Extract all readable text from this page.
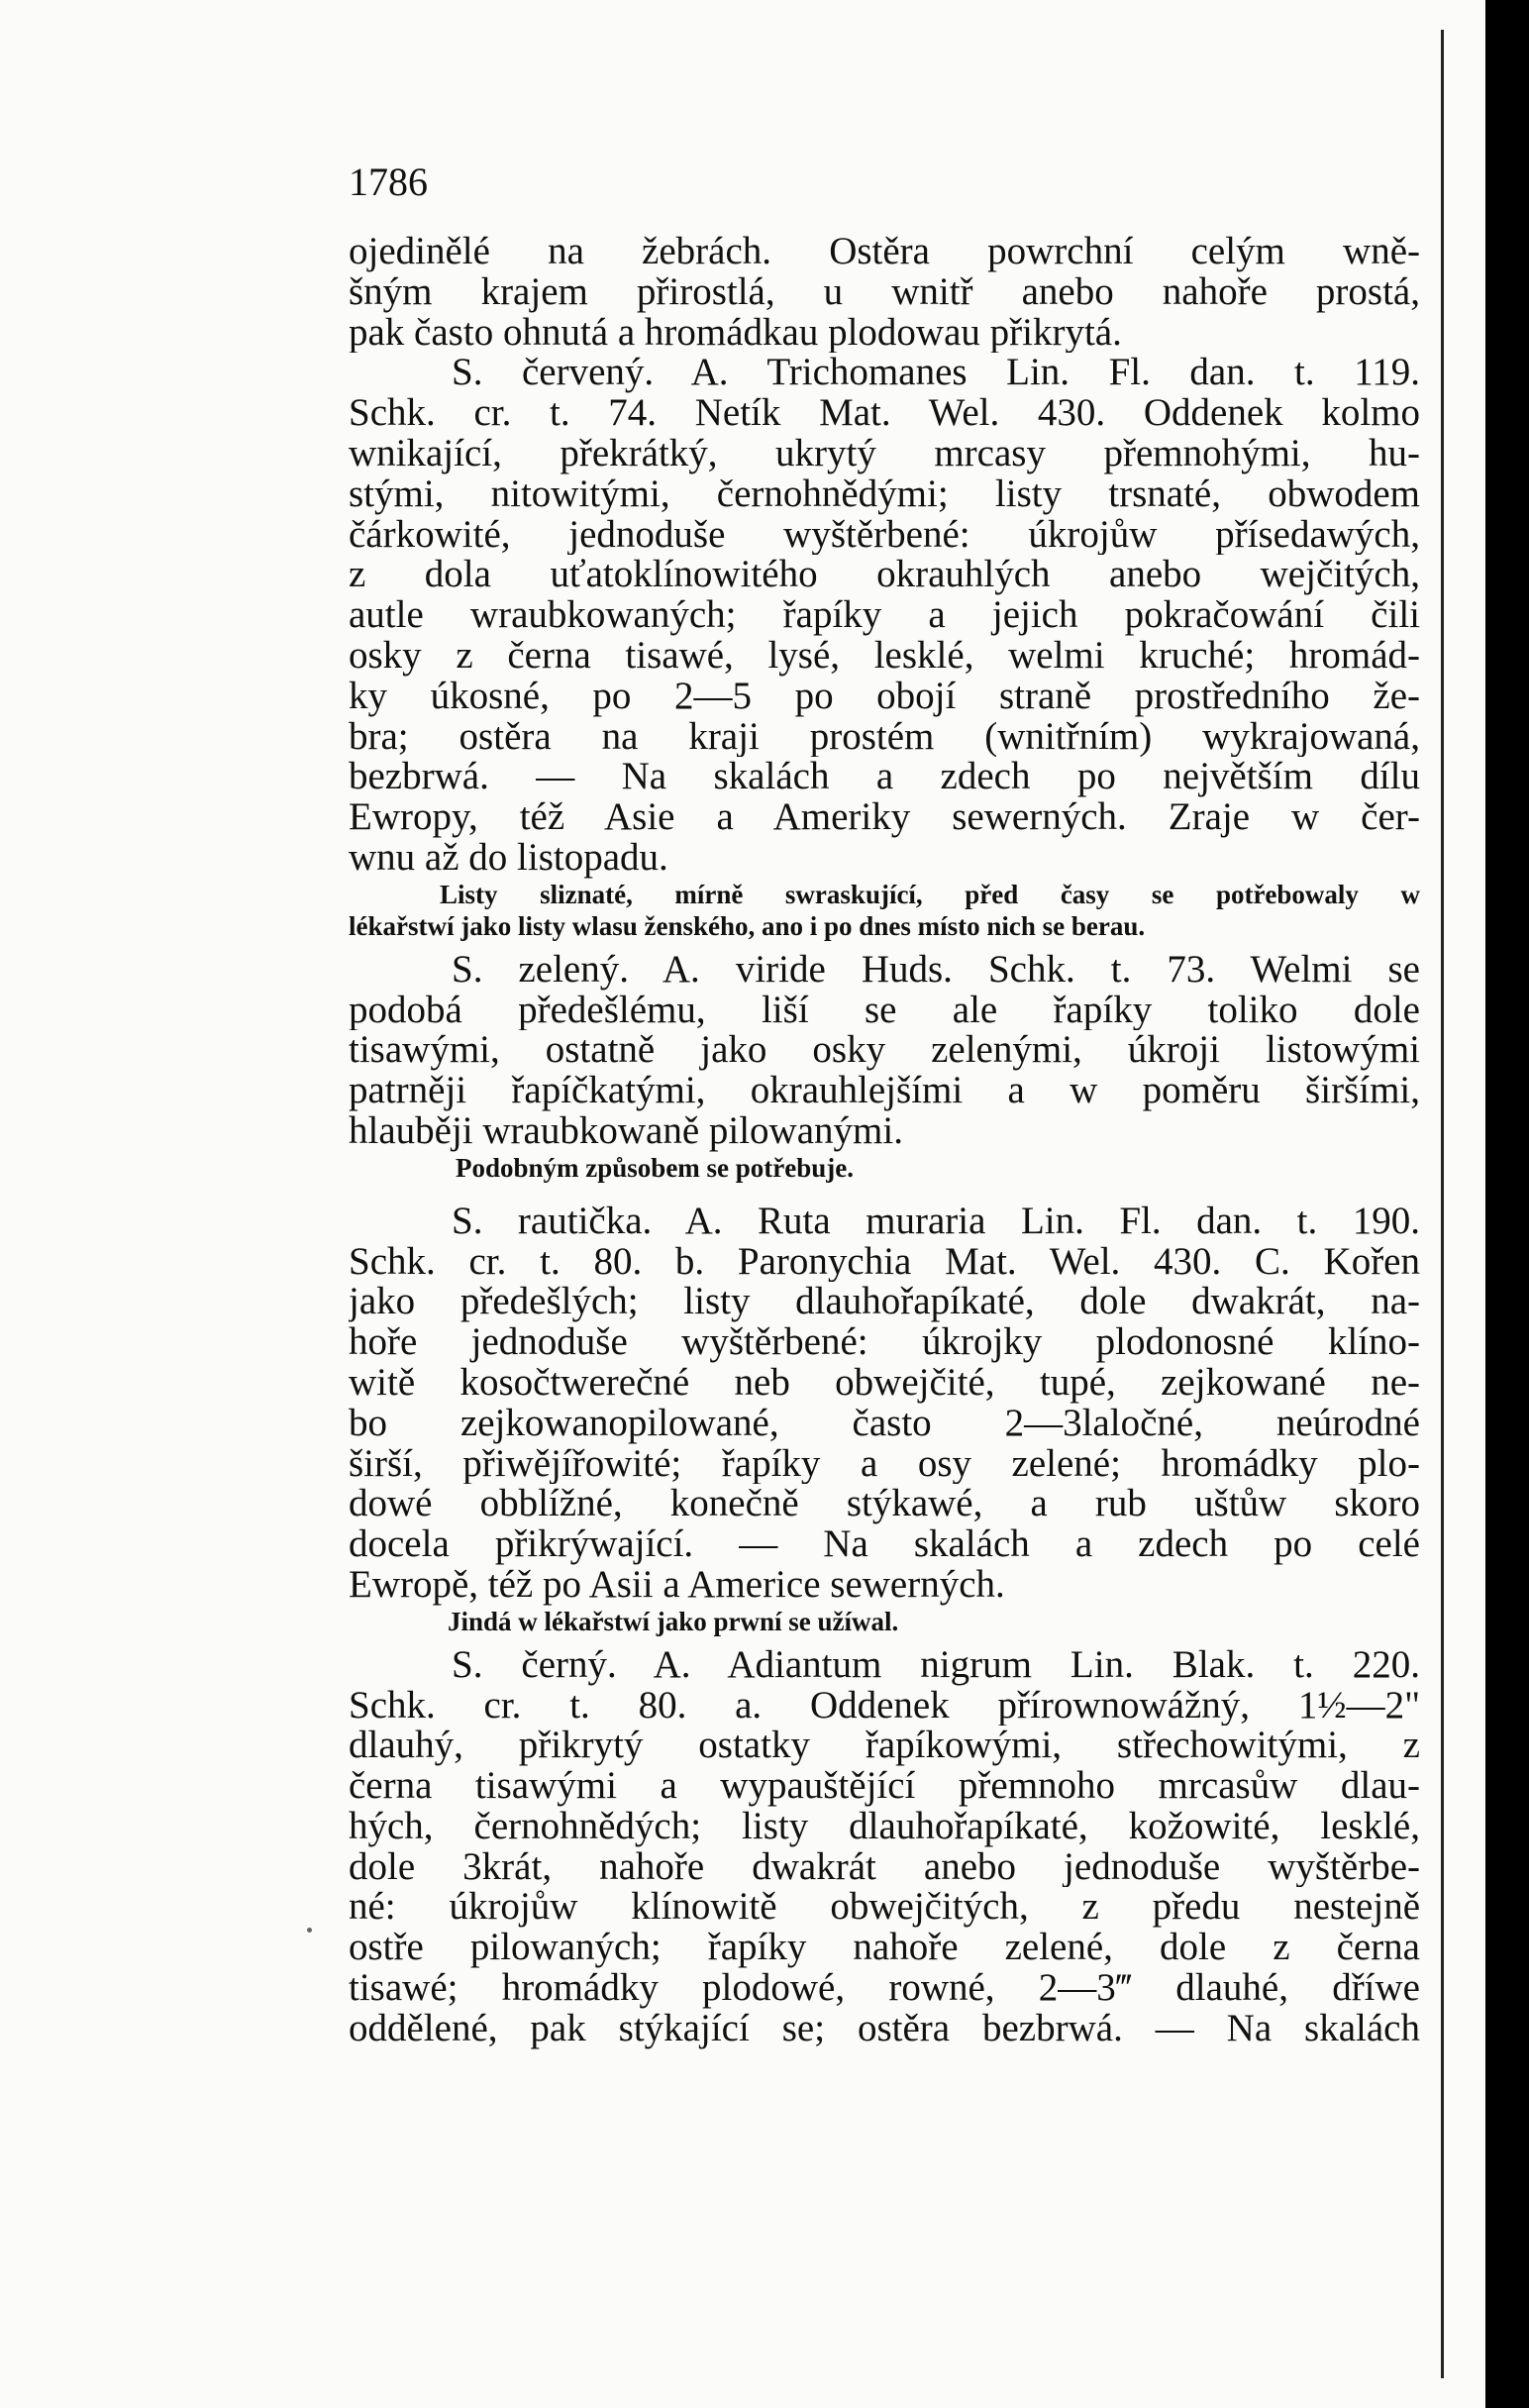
1786
ojedinělé na žebrách. Ostěra powrchní celým wně-
šným krajem přirostlá, u wnitř anebo nahoře prostá,
pak často ohnutá a hromádkau plodowau přikrytá.
S. červený. A. Trichomanes Lin. Fl. dan. t. 119.
Schk. cr. t. 74. Netík Mat. Wel. 430. Oddenek kolmo
wnikající, překrátký, ukrytý mrcasy přemnohými, hu-
stými, nitowitými, černohnědými; listy trsnaté, obwodem
čárkowité, jednoduše wyštěrbené: úkrojůw přísedawých,
z dola uťatoklínowitého okrauhlých anebo wejčitých,
autle wraubkowaných; řapíky a jejich pokračowání čili
osky z černa tisawé, lysé, lesklé, welmi kruché; hromád-
ky úkosné, po 2—5 po obojí straně prostředního že-
bra; ostěra na kraji prostém (wnitřním) wykrajowaná,
bezbrwá. — Na skalách a zdech po největším dílu
Ewropy, též Asie a Ameriky sewerných. Zraje w čer-
wnu až do listopadu.
Listy sliznaté, mírně swraskující, před časy se potřebowaly w
lékařstwí jako listy wlasu ženského, ano i po dnes místo nich se berau.
S. zelený. A. viride Huds. Schk. t. 73. Welmi se
podobá předešlému, liší se ale řapíky toliko dole
tisawými, ostatně jako osky zelenými, úkroji listowými
patrněji řapíčkatými, okrauhlejšími a w poměru širšími,
hlauběji wraubkowaně pilowanými.
Podobným způsobem se potřebuje.
S. rautička. A. Ruta muraria Lin. Fl. dan. t. 190.
Schk. cr. t. 80. b. Paronychia Mat. Wel. 430. C. Kořen
jako předešlých; listy dlauhořapíkaté, dole dwakrát, na-
hoře jednoduše wyštěrbené: úkrojky plodonosné klíno-
witě kosočtwerečné neb obwejčité, tupé, zejkowané ne-
bo zejkowanopilowané, často 2—3laločné, neúrodné
širší, přiwějířowité; řapíky a osy zelené; hromádky plo-
dowé obblížné, konečně stýkawé, a rub uštůw skoro
docela přikrýwající. — Na skalách a zdech po celé
Ewropě, též po Asii a Americe sewerných.
Jindá w lékařstwí jako prwní se užíwal.
S. černý. A. Adiantum nigrum Lin. Blak. t. 220.
Schk. cr. t. 80. a. Oddenek přírownowážný, 1½—2"
dlauhý, přikrytý ostatky řapíkowými, střechowitými, z
černa tisawými a wypauštějící přemnoho mrcasůw dlau-
hých, černohnědých; listy dlauhořapíkaté, kožowité, lesklé,
dole 3krát, nahoře dwakrát anebo jednoduše wyštěrbe-
né: úkrojůw klínowitě obwejčitých, z předu nestejně
ostře pilowaných; řapíky nahoře zelené, dole z černa
tisawé; hromádky plodowé, rowné, 2—3‴ dlauhé, dříwe
oddělené, pak stýkající se; ostěra bezbrwá. — Na skalách
